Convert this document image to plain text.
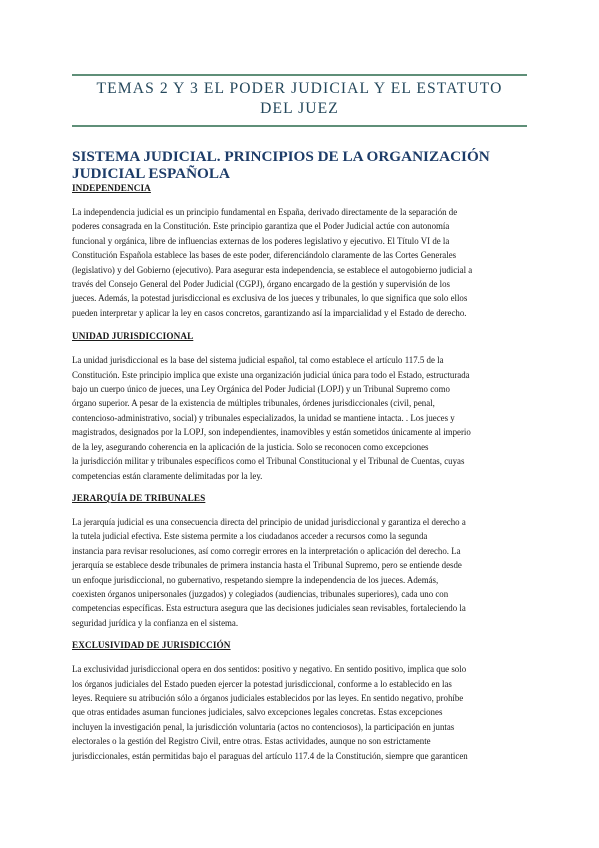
TEMAS 2 Y 3 EL PODER JUDICIAL Y EL ESTATUTO
DEL JUEZ
SISTEMA JUDICIAL. PRINCIPIOS DE LA ORGANIZACIÓN
JUDICIAL ESPAÑOLA
INDEPENDENCIA

La independencia judicial es un principio fundamental en España, derivado directamente de la separación de
poderes consagrada en la Constitución. Este principio garantiza que el Poder Judicial actúe con autonomía
funcional y orgánica, libre de influencias externas de los poderes legislativo y ejecutivo. El Título VI de la
Constitución Española establece las bases de este poder, diferenciándolo claramente de las Cortes Generales
(legislativo) y del Gobierno (ejecutivo). Para asegurar esta independencia, se establece el autogobierno judicial a
través del Consejo General del Poder Judicial (CGPJ), órgano encargado de la gestión y supervisión de los
jueces. Además, la potestad jurisdiccional es exclusiva de los jueces y tribunales, lo que significa que solo ellos
pueden interpretar y aplicar la ley en casos concretos, garantizando así la imparcialidad y el Estado de derecho.

UNIDAD JURISDICCIONAL

La unidad jurisdiccional es la base del sistema judicial español, tal como establece el artículo 117.5 de la
Constitución. Este principio implica que existe una organización judicial única para todo el Estado, estructurada
bajo un cuerpo único de jueces, una Ley Orgánica del Poder Judicial (LOPJ) y un Tribunal Supremo como
órgano superior. A pesar de la existencia de múltiples tribunales, órdenes jurisdiccionales (civil, penal,
contencioso-administrativo, social) y tribunales especializados, la unidad se mantiene intacta. . Los jueces y
magistrados, designados por la LOPJ, son independientes, inamovibles y están sometidos únicamente al imperio
de la ley, asegurando coherencia en la aplicación de la justicia. Solo se reconocen como excepciones
la jurisdicción militar y tribunales específicos como el Tribunal Constitucional y el Tribunal de Cuentas, cuyas
competencias están claramente delimitadas por la ley.

JERARQUÍA DE TRIBUNALES

La jerarquía judicial es una consecuencia directa del principio de unidad jurisdiccional y garantiza el derecho a
la tutela judicial efectiva. Este sistema permite a los ciudadanos acceder a recursos como la segunda
instancia para revisar resoluciones, así como corregir errores en la interpretación o aplicación del derecho. La
jerarquía se establece desde tribunales de primera instancia hasta el Tribunal Supremo, pero se entiende desde
un enfoque jurisdiccional, no gubernativo, respetando siempre la independencia de los jueces. Además,
coexisten órganos unipersonales (juzgados) y colegiados (audiencias, tribunales superiores), cada uno con
competencias específicas. Esta estructura asegura que las decisiones judiciales sean revisables, fortaleciendo la
seguridad jurídica y la confianza en el sistema.

EXCLUSIVIDAD DE JURISDICCIÓN

La exclusividad jurisdiccional opera en dos sentidos: positivo y negativo. En sentido positivo, implica que solo
los órganos judiciales del Estado pueden ejercer la potestad jurisdiccional, conforme a lo establecido en las
leyes. Requiere su atribución sólo a órganos judiciales establecidos por las leyes. En sentido negativo, prohíbe
que otras entidades asuman funciones judiciales, salvo excepciones legales concretas. Estas excepciones
incluyen la investigación penal, la jurisdicción voluntaria (actos no contenciosos), la participación en juntas
electorales o la gestión del Registro Civil, entre otras. Estas actividades, aunque no son estrictamente
jurisdiccionales, están permitidas bajo el paraguas del artículo 117.4 de la Constitución, siempre que garanticen
